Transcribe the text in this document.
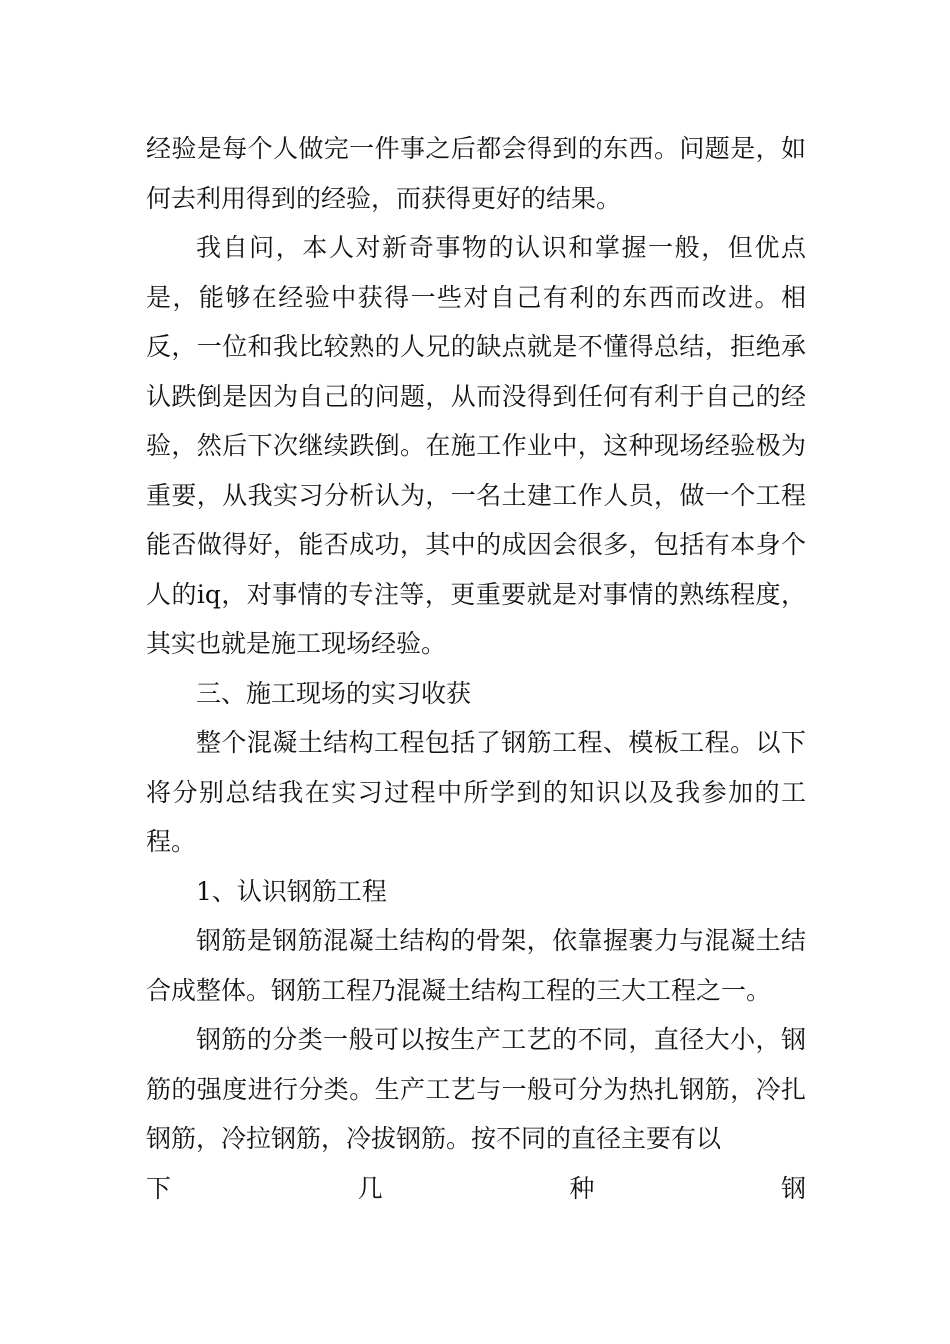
经验是每个人做完一件事之后都会得到的东西。问题是，如何去利用得到的经验，而获得更好的结果。

我自问，本人对新奇事物的认识和掌握一般，但优点是，能够在经验中获得一些对自己有利的东西而改进。相反，一位和我比较熟的人兄的缺点就是不懂得总结，拒绝承认跌倒是因为自己的问题，从而没得到任何有利于自己的经验，然后下次继续跌倒。在施工作业中，这种现场经验极为重要，从我实习分析认为，一名土建工作人员，做一个工程能否做得好，能否成功，其中的成因会很多，包括有本身个人的iq，对事情的专注等，更重要就是对事情的熟练程度，其实也就是施工现场经验。

三、施工现场的实习收获

整个混凝土结构工程包括了钢筋工程、模板工程。以下将分别总结我在实习过程中所学到的知识以及我参加的工程。

1、认识钢筋工程

钢筋是钢筋混凝土结构的骨架，依靠握裹力与混凝土结合成整体。钢筋工程乃混凝土结构工程的三大工程之一。

钢筋的分类一般可以按生产工艺的不同，直径大小，钢筋的强度进行分类。生产工艺与一般可分为热扎钢筋，冷扎钢筋，冷拉钢筋，冷拔钢筋。按不同的直径主要有以

下几种钢
